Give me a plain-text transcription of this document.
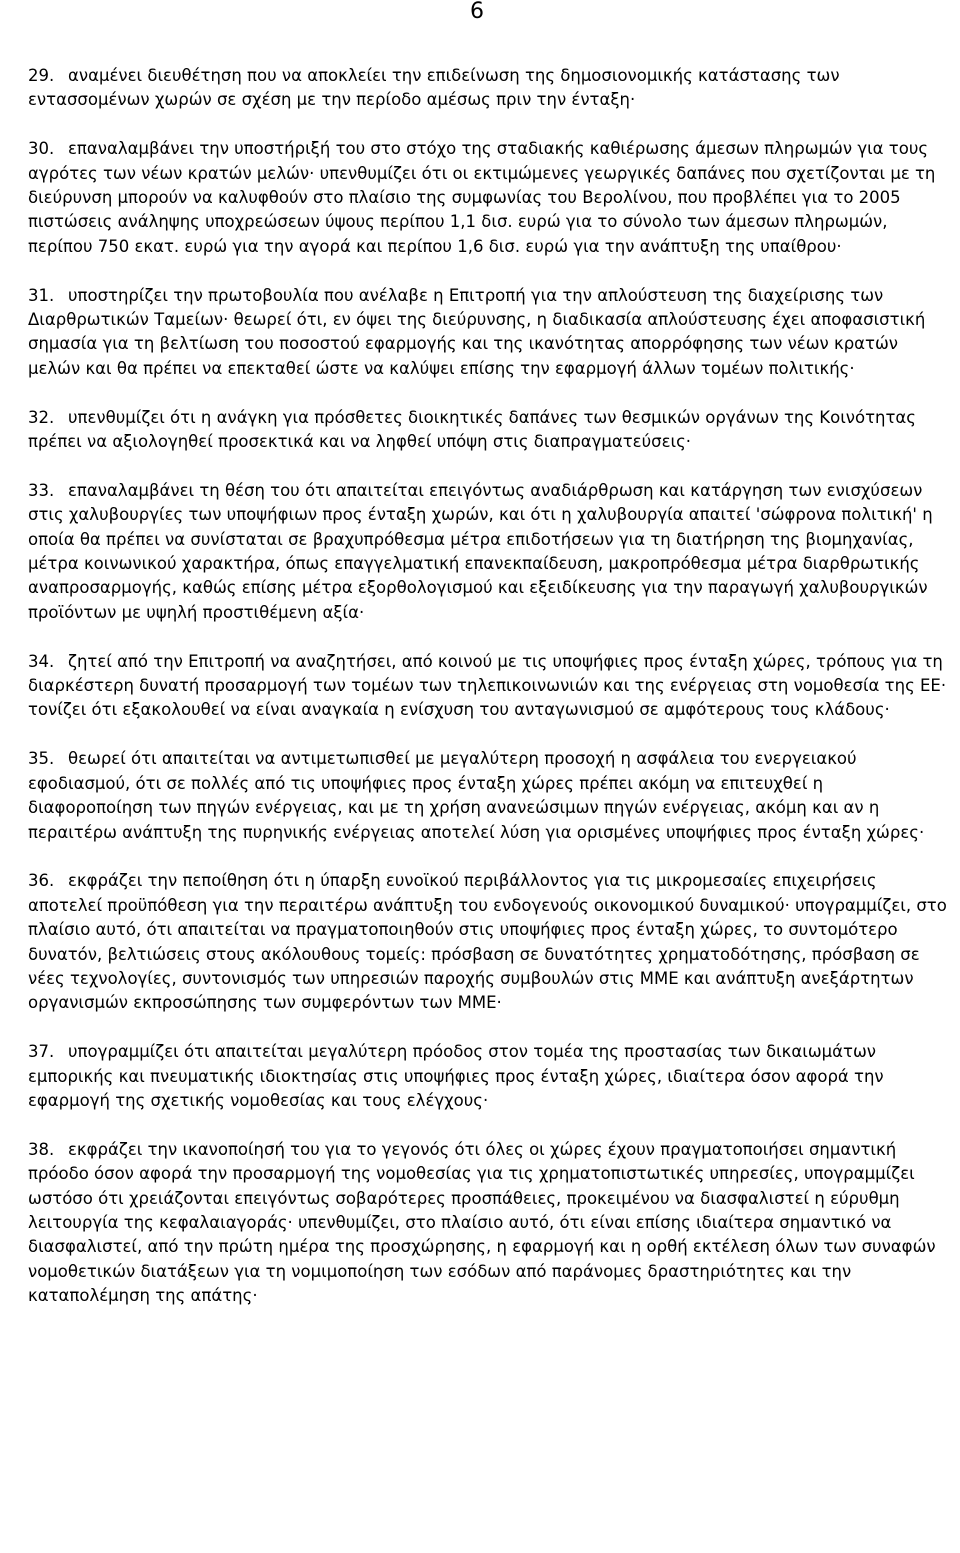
6

29. αναμένει διευθέτηση που να αποκλείει την επιδείνωση της δημοσιονομικής κατάστασης των εντασσομένων χωρών σε σχέση με την περίοδο αμέσως πριν την ένταξη·

30. επαναλαμβάνει την υποστήριξή του στο στόχο της σταδιακής καθιέρωσης άμεσων πληρωμών για τους αγρότες των νέων κρατών μελών· υπενθυμίζει ότι οι εκτιμώμενες γεωργικές δαπάνες που σχετίζονται με τη διεύρυνση μπορούν να καλυφθούν στο πλαίσιο της συμφωνίας του Βερολίνου, που προβλέπει για το 2005 πιστώσεις ανάληψης υποχρεώσεων ύψους περίπου 1,1 δισ. ευρώ για το σύνολο των άμεσων πληρωμών, περίπου 750 εκατ. ευρώ για την αγορά και περίπου 1,6 δισ. ευρώ για την ανάπτυξη της υπαίθρου·

31. υποστηρίζει την πρωτοβουλία που ανέλαβε η Επιτροπή για την απλούστευση της διαχείρισης των Διαρθρωτικών Ταμείων· θεωρεί ότι, εν όψει της διεύρυνσης, η διαδικασία απλούστευσης έχει αποφασιστική σημασία για τη βελτίωση του ποσοστού εφαρμογής και της ικανότητας απορρόφησης των νέων κρατών μελών και θα πρέπει να επεκταθεί ώστε να καλύψει επίσης την εφαρμογή άλλων τομέων πολιτικής·

32. υπενθυμίζει ότι η ανάγκη για πρόσθετες διοικητικές δαπάνες των θεσμικών οργάνων της Κοινότητας πρέπει να αξιολογηθεί προσεκτικά και να ληφθεί υπόψη στις διαπραγματεύσεις·

33. επαναλαμβάνει τη θέση του ότι απαιτείται επειγόντως αναδιάρθρωση και κατάργηση των ενισχύσεων στις χαλυβουργίες των υποψήφιων προς ένταξη χωρών, και ότι η χαλυβουργία απαιτεί 'σώφρονα πολιτική' η οποία θα πρέπει να συνίσταται σε βραχυπρόθεσμα μέτρα επιδοτήσεων για τη διατήρηση της βιομηχανίας, μέτρα κοινωνικού χαρακτήρα, όπως επαγγελματική επανεκπαίδευση, μακροπρόθεσμα μέτρα διαρθρωτικής αναπροσαρμογής, καθώς επίσης μέτρα εξορθολογισμού και εξειδίκευσης για την παραγωγή χαλυβουργικών προϊόντων με υψηλή προστιθέμενη αξία·

34. ζητεί από την Επιτροπή να αναζητήσει, από κοινού με τις υποψήφιες προς ένταξη χώρες, τρόπους για τη διαρκέστερη δυνατή προσαρμογή των τομέων των τηλεπικοινωνιών και της ενέργειας στη νομοθεσία της ΕΕ· τονίζει ότι εξακολουθεί να είναι αναγκαία η ενίσχυση του ανταγωνισμού σε αμφότερους τους κλάδους·

35. θεωρεί ότι απαιτείται να αντιμετωπισθεί με μεγαλύτερη προσοχή η ασφάλεια του ενεργειακού εφοδιασμού, ότι σε πολλές από τις υποψήφιες προς ένταξη χώρες πρέπει ακόμη να επιτευχθεί η διαφοροποίηση των πηγών ενέργειας, και με τη χρήση ανανεώσιμων πηγών ενέργειας, ακόμη και αν η περαιτέρω ανάπτυξη της πυρηνικής ενέργειας αποτελεί λύση για ορισμένες υποψήφιες προς ένταξη χώρες·

36. εκφράζει την πεποίθηση ότι η ύπαρξη ευνοϊκού περιβάλλοντος για τις μικρομεσαίες επιχειρήσεις αποτελεί προϋπόθεση για την περαιτέρω ανάπτυξη του ενδογενούς οικονομικού δυναμικού· υπογραμμίζει, στο πλαίσιο αυτό, ότι απαιτείται να πραγματοποιηθούν στις υποψήφιες προς ένταξη χώρες, το συντομότερο δυνατόν, βελτιώσεις στους ακόλουθους τομείς: πρόσβαση σε δυνατότητες χρηματοδότησης, πρόσβαση σε νέες τεχνολογίες, συντονισμός των υπηρεσιών παροχής συμβουλών στις ΜΜΕ και ανάπτυξη ανεξάρτητων οργανισμών εκπροσώπησης των συμφερόντων των ΜΜΕ·

37. υπογραμμίζει ότι απαιτείται μεγαλύτερη πρόοδος στον τομέα της προστασίας των δικαιωμάτων εμπορικής και πνευματικής ιδιοκτησίας στις υποψήφιες προς ένταξη χώρες, ιδιαίτερα όσον αφορά την εφαρμογή της σχετικής νομοθεσίας και τους ελέγχους·

38. εκφράζει την ικανοποίησή του για το γεγονός ότι όλες οι χώρες έχουν πραγματοποιήσει σημαντική πρόοδο όσον αφορά την προσαρμογή της νομοθεσίας για τις χρηματοπιστωτικές υπηρεσίες, υπογραμμίζει ωστόσο ότι χρειάζονται επειγόντως σοβαρότερες προσπάθειες, προκειμένου να διασφαλιστεί η εύρυθμη λειτουργία της κεφαλαιαγοράς· υπενθυμίζει, στο πλαίσιο αυτό, ότι είναι επίσης ιδιαίτερα σημαντικό να διασφαλιστεί, από την πρώτη ημέρα της προσχώρησης, η εφαρμογή και η ορθή εκτέλεση όλων των συναφών νομοθετικών διατάξεων για τη νομιμοποίηση των εσόδων από παράνομες δραστηριότητες και την καταπολέμηση της απάτης·
